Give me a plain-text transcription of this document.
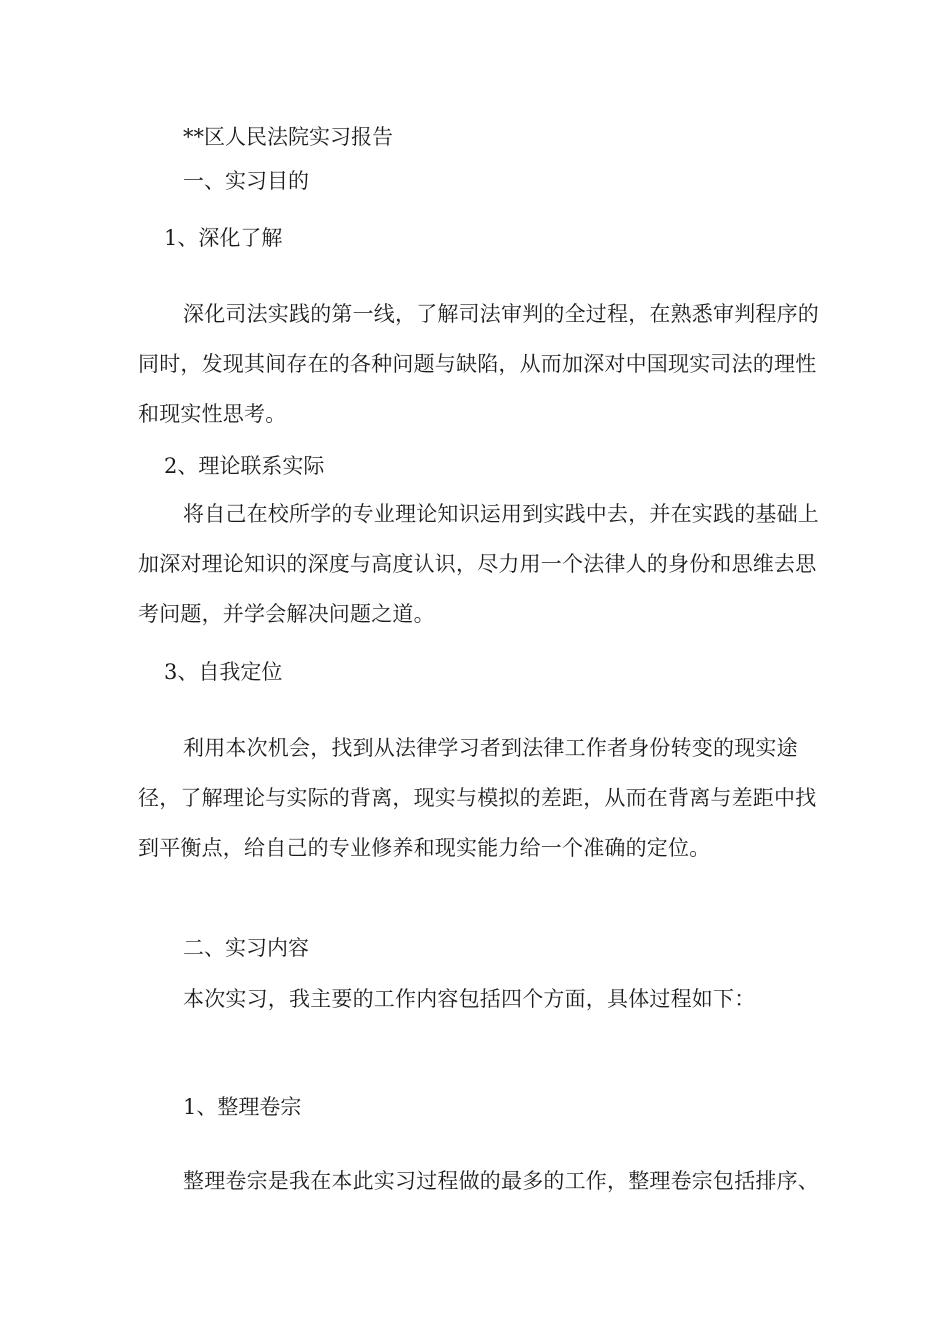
**区人民法院实习报告
一、实习目的
1、深化了解
深化司法实践的第一线，了解司法审判的全过程，在熟悉审判程序的
同时，发现其间存在的各种问题与缺陷，从而加深对中国现实司法的理性
和现实性思考。
2、理论联系实际
将自己在校所学的专业理论知识运用到实践中去，并在实践的基础上
加深对理论知识的深度与高度认识，尽力用一个法律人的身份和思维去思
考问题，并学会解决问题之道。
3、自我定位
利用本次机会，找到从法律学习者到法律工作者身份转变的现实途
径，了解理论与实际的背离，现实与模拟的差距，从而在背离与差距中找
到平衡点，给自己的专业修养和现实能力给一个准确的定位。
二、实习内容
本次实习，我主要的工作内容包括四个方面，具体过程如下：
1、整理卷宗
整理卷宗是我在本此实习过程做的最多的工作，整理卷宗包括排序、
